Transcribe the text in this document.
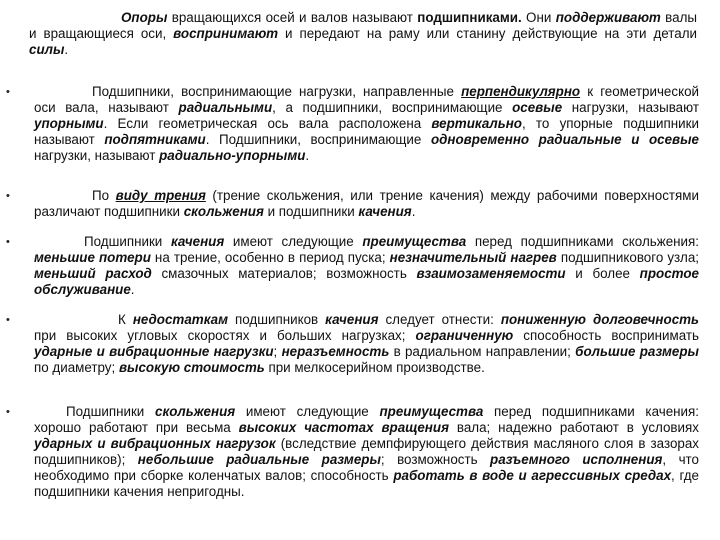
Опоры вращающихся осей и валов называют подшипниками. Они поддерживают валы и вращающиеся оси, воспринимают и передают на раму или станину действующие на эти детали силы.

•	Подшипники, воспринимающие нагрузки, направленные перпендикулярно к геометрической оси вала, называют радиальными, а подшипники, воспринимающие осевые нагрузки, называют упорными. Если геометрическая ось вала расположена вертикально, то упорные подшипники называют подпятниками. Подшипники, воспринимающие одновременно радиальные и осевые нагрузки, называют радиально-упорными.

•	По виду трения (трение скольжения, или трение качения) между рабочими поверхностями различают подшипники скольжения и подшипники качения.

•	Подшипники качения имеют следующие преимущества перед подшипниками скольжения: меньшие потери на трение, особенно в период пуска; незначительный нагрев подшипникового узла; меньший расход смазочных материалов; возможность взаимозаменяемости и более простое обслуживание.

•	К недостаткам подшипников качения следует отнести: пониженную долговечность при высоких угловых скоростях и больших нагрузках; ограниченную способность воспринимать ударные и вибрационные нагрузки; неразъемность в радиальном направлении; большие размеры по диаметру; высокую стоимость при мелкосерийном производстве.

•	Подшипники скольжения имеют следующие преимущества перед подшипниками качения: хорошо работают при весьма высоких частотах вращения вала; надежно работают в условиях ударных и вибрационных нагрузок (вследствие демпфирующего действия масляного слоя в зазорах подшипников); небольшие радиальные размеры; возможность разъемного исполнения, что необходимо при сборке коленчатых валов; способность работать в воде и агрессивных средах, где подшипники качения непригодны.
